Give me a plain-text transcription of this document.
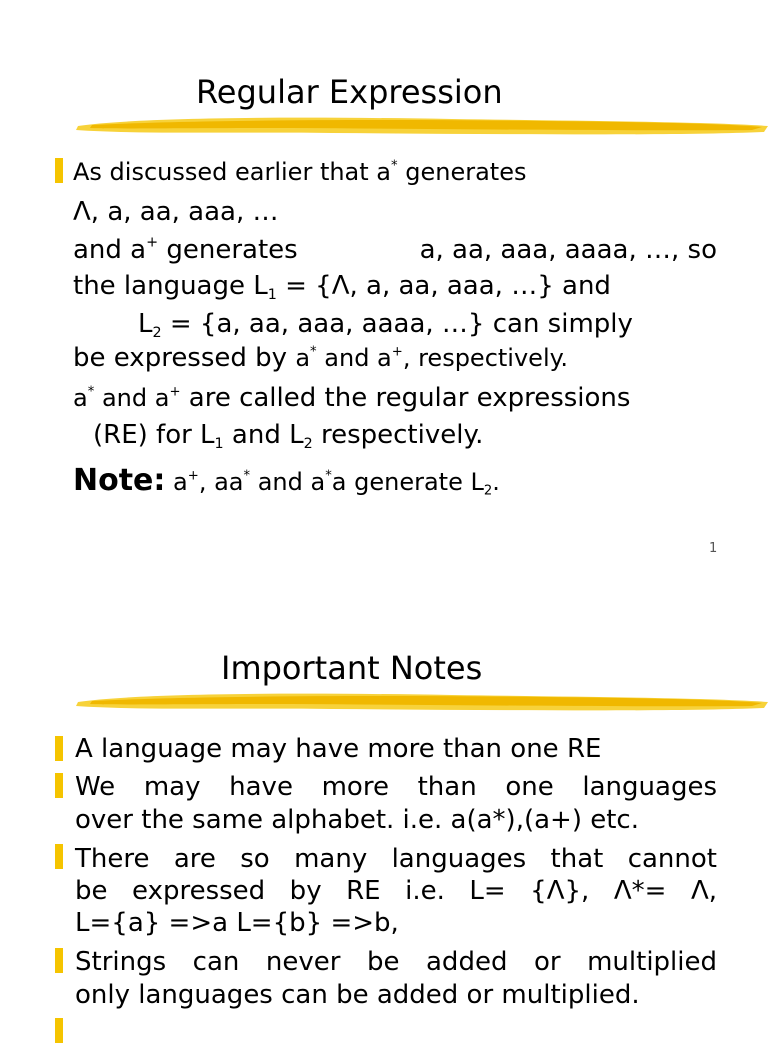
Regular Expression
As discussed earlier that a* generates
Λ, a, aa, aaa, …
and a+ generates	a, aa, aaa, aaaa, …, so
the language $L_1 = \{\Lambda$, a, aa, aaa, …} and
$L_2 = \{a$, aa, aaa, aaaa, …} can simply
be expressed by a* and a+, respectively.
a* and a+ are called the regular expressions
(RE) for $L_1$ and $L_2$ respectively.
Note: a+, aa* and a*a generate $L_2$.
1
Important Notes
A language may have more than one RE
We may have more than one languages
over the same alphabet. i.e. a(a*),(a+) etc.
There are so many languages that cannot
be expressed by RE i.e. L= {Λ}, Λ*= Λ,
L={a} =>a L={b} =>b,
Strings can never be added or multiplied
only languages can be added or multiplied.
